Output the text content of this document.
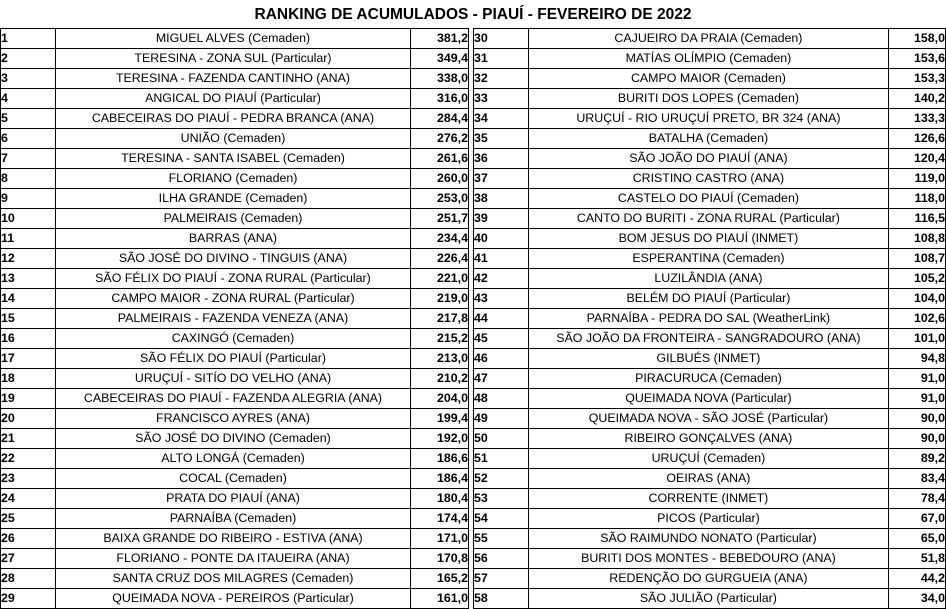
RANKING DE ACUMULADOS - PIAUÍ - FEVEREIRO DE 2022
1	MIGUEL ALVES (Cemaden)	381,2
2	TERESINA - ZONA SUL (Particular)	349,4
3	TERESINA - FAZENDA CANTINHO (ANA)	338,0
4	ANGICAL DO PIAUÍ (Particular)	316,0
5	CABECEIRAS DO PIAUÍ - PEDRA BRANCA (ANA)	284,4
6	UNIÃO (Cemaden)	276,2
7	TERESINA - SANTA ISABEL (Cemaden)	261,6
8	FLORIANO (Cemaden)	260,0
9	ILHA GRANDE (Cemaden)	253,0
10	PALMEIRAIS (Cemaden)	251,7
11	BARRAS (ANA)	234,4
12	SÃO JOSÉ DO DIVINO - TINGUIS (ANA)	226,4
13	SÃO FÉLIX DO PIAUÍ - ZONA RURAL (Particular)	221,0
14	CAMPO MAIOR - ZONA RURAL (Particular)	219,0
15	PALMEIRAIS - FAZENDA VENEZA (ANA)	217,8
16	CAXINGÓ (Cemaden)	215,2
17	SÃO FÉLIX DO PIAUÍ (Particular)	213,0
18	URUÇUÍ - SITÍO DO VELHO (ANA)	210,2
19	CABECEIRAS DO PIAUÍ - FAZENDA ALEGRIA (ANA)	204,0
20	FRANCISCO AYRES (ANA)	199,4
21	SÃO JOSÉ DO DIVINO (Cemaden)	192,0
22	ALTO LONGÁ (Cemaden)	186,6
23	COCAL (Cemaden)	186,4
24	PRATA DO PIAUÍ (ANA)	180,4
25	PARNAÍBA (Cemaden)	174,4
26	BAIXA GRANDE DO RIBEIRO - ESTIVA (ANA)	171,0
27	FLORIANO - PONTE DA ITAUEIRA (ANA)	170,8
28	SANTA CRUZ DOS MILAGRES (Cemaden)	165,2
29	QUEIMADA NOVA - PEREIROS (Particular)	161,0
30	CAJUEIRO DA PRAIA (Cemaden)	158,0
31	MATÍAS OLÍMPIO (Cemaden)	153,6
32	CAMPO MAIOR (Cemaden)	153,3
33	BURITI DOS LOPES (Cemaden)	140,2
34	URUÇUÍ - RIO URUÇUÍ PRETO, BR 324 (ANA)	133,3
35	BATALHA (Cemaden)	126,6
36	SÃO JOÃO DO PIAUÍ (ANA)	120,4
37	CRISTINO CASTRO (ANA)	119,0
38	CASTELO DO PIAUÍ (Cemaden)	118,0
39	CANTO DO BURITI - ZONA RURAL (Particular)	116,5
40	BOM JESUS DO PIAUÍ (INMET)	108,8
41	ESPERANTINA (Cemaden)	108,7
42	LUZILÂNDIA (ANA)	105,2
43	BELÉM DO PIAUÍ (Particular)	104,0
44	PARNAÍBA - PEDRA DO SAL (WeatherLink)	102,6
45	SÃO JOÃO DA FRONTEIRA - SANGRADOURO (ANA)	101,0
46	GILBUÉS (INMET)	94,8
47	PIRACURUCA (Cemaden)	91,0
48	QUEIMADA NOVA (Particular)	91,0
49	QUEIMADA NOVA - SÃO JOSÉ (Particular)	90,0
50	RIBEIRO GONÇALVES (ANA)	90,0
51	URUÇUÍ (Cemaden)	89,2
52	OEIRAS (ANA)	83,4
53	CORRENTE (INMET)	78,4
54	PICOS (Particular)	67,0
55	SÃO RAIMUNDO NONATO (Particular)	65,0
56	BURITI DOS MONTES - BEBEDOURO (ANA)	51,8
57	REDENÇÃO DO GURGUEIA (ANA)	44,2
58	SÃO JULIÃO (Particular)	34,0
